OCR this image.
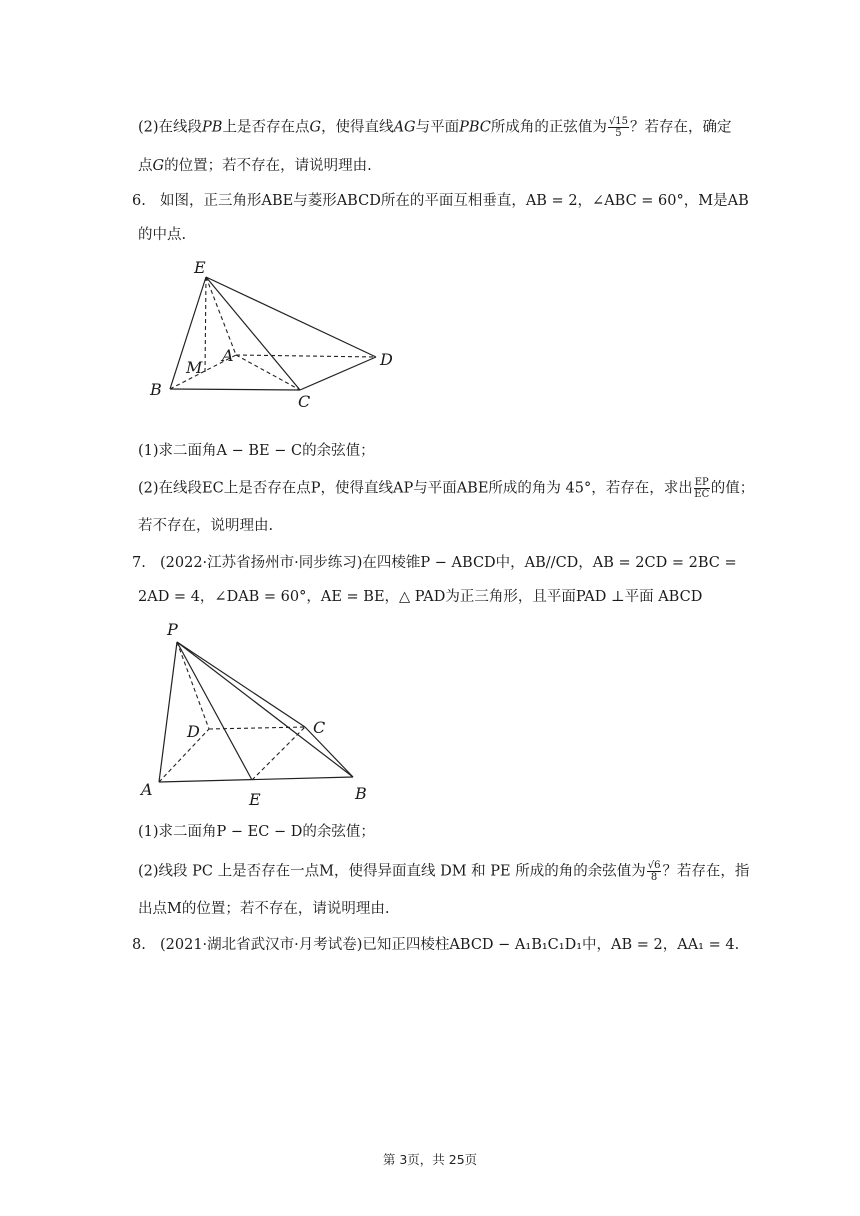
(2)在线段PB上是否存在点G，使得直线AG与平面PBC所成角的正弦值为 $\frac{√15}{5}$ ？若存在，确定
点G的位置；若不存在，请说明理由.
6. 如图，正三角形ABE与菱形ABCD所在的平面互相垂直，AB = 2，∠ABC = 60°，M是AB
的中点.
E
A
M
B
C
D
(1)求二面角A − BE − C的余弦值；
(2)在线段EC上是否存在点P，使得直线AP与平面ABE所成的角为 45°，若存在，求出 $\frac{EP}{EC}$ 的值；
若不存在，说明理由.
7. (2022·江苏省扬州市·同步练习)在四棱锥P − ABCD中，AB//CD，AB = 2CD = 2BC =
2AD = 4，∠DAB = 60°，AE = BE，△ PAD为正三角形，且平面PAD ⊥平面 ABCD
P
D	C
A
E	B
(1)求二面角P − EC − D的余弦值；
(2)线段 PC 上是否存在一点M，使得异面直线 DM 和 PE 所成的角的余弦值为 $\frac{√6}{8}$ ？若存在，指
出点M的位置；若不存在，请说明理由.
8. (2021·湖北省武汉市·月考试卷)已知正四棱柱ABCD − A₁B₁C₁D₁中，AB = 2，AA₁ = 4.
第 3页，共 25页
